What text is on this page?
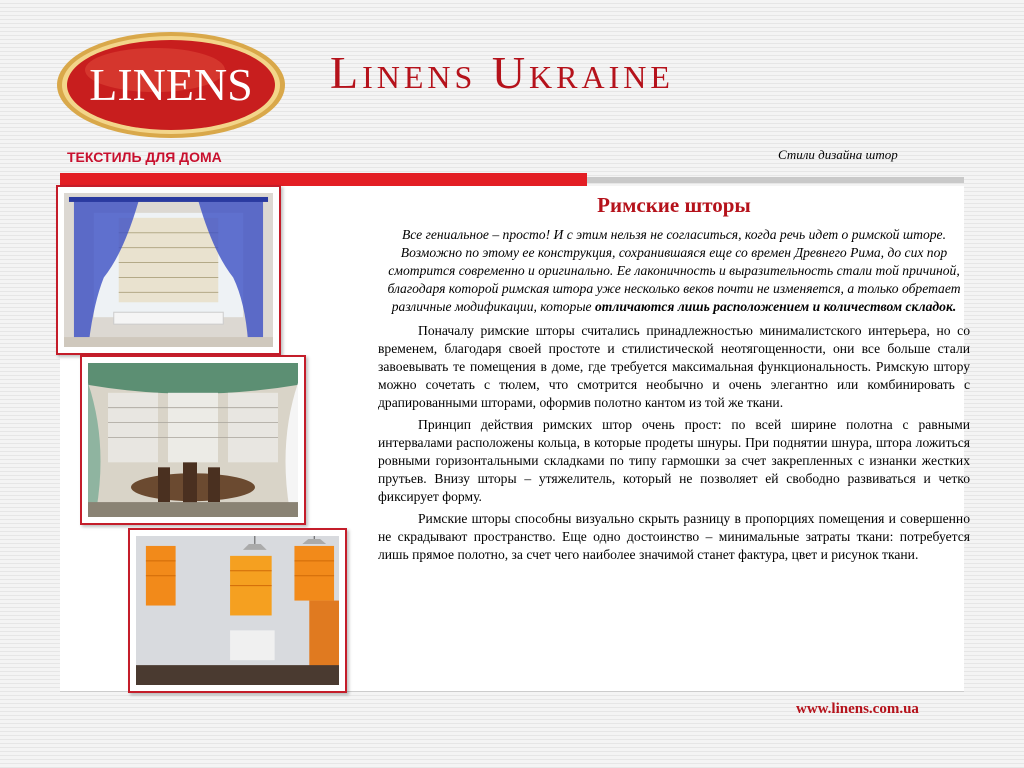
LINENS Linens Ukraine
ТЕКСТИЛЬ ДЛЯ ДОМА	Стили дизайна штор
Римские шторы

Все гениальное – просто! И с этим нельзя не согласиться, когда речь идет о римской шторе. Возможно по этому ее конструкция, сохранившаяся еще со времен Древнего Рима, до сих пор смотрится современно и оригинально. Ее лаконичность и выразительность стали той причиной, благодаря которой римская штора уже несколько веков почти не изменяется, а только обретает различные модификации, которые отличаются лишь расположением и количеством складок.

Поначалу римские шторы считались принадлежностью минималистского интерьера, но со временем, благодаря своей простоте и стилистической неотягощенности, они все больше стали завоевывать те помещения в доме, где требуется максимальная функциональность. Римскую штору можно сочетать с тюлем, что смотрится необычно и очень элегантно или комбинировать с драпированными шторами, оформив полотно кантом из той же ткани.

Принцип действия римских штор очень прост: по всей ширине полотна с равными интервалами расположены кольца, в которые продеты шнуры. При поднятии шнура, штора ложиться ровными горизонтальными складками по типу гармошки за счет закрепленных с изнанки жестких прутьев. Внизу шторы – утяжелитель, который не позволяет ей свободно развиваться и четко фиксирует форму.

Римские шторы способны визуально скрыть разницу в пропорциях помещения и совершенно не скрадывают пространство. Еще одно достоинство – минимальные затраты ткани: потребуется лишь прямое полотно, за счет чего наиболее значимой станет фактура, цвет и рисунок ткани.

www.linens.com.ua
